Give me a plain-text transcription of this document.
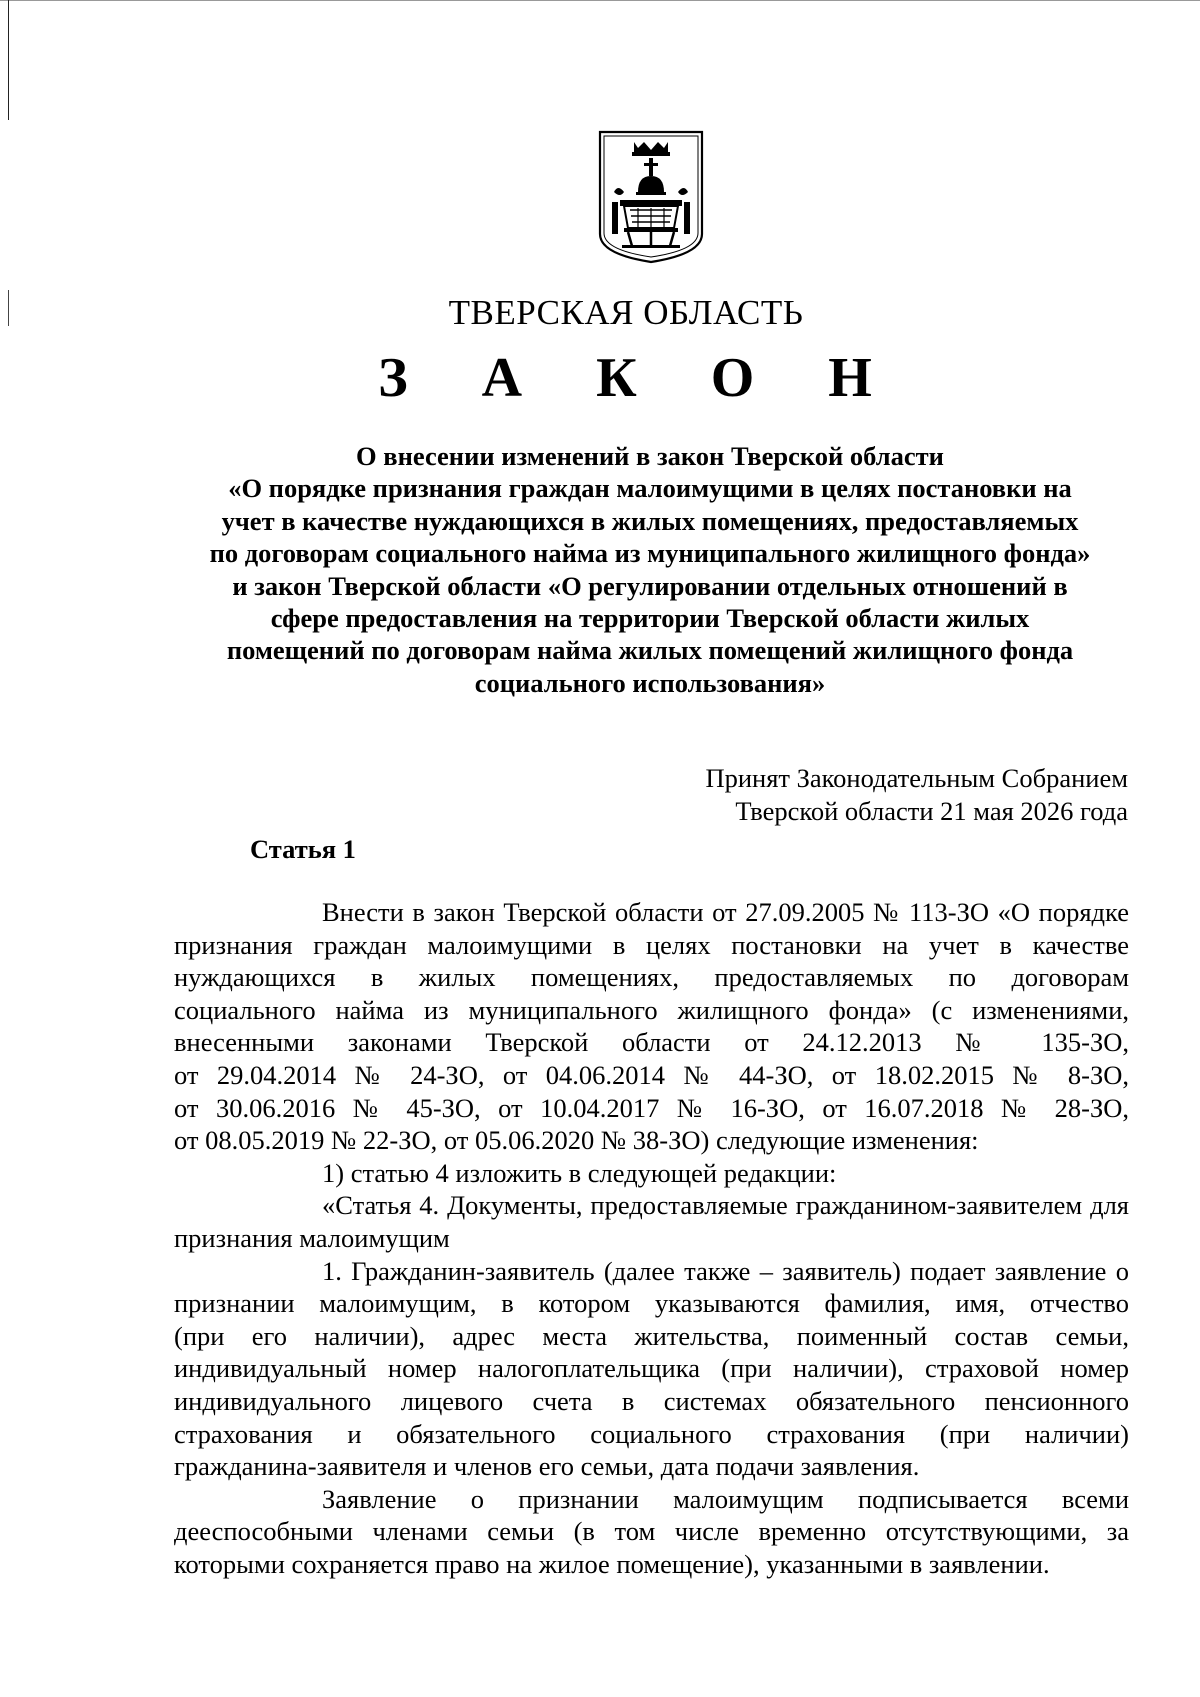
ТВЕРСКАЯ ОБЛАСТЬ
З А К О Н
О внесении изменений в закон Тверской области
«О порядке признания граждан малоимущими в целях постановки на
учет в качестве нуждающихся в жилых помещениях, предоставляемых
по договорам социального найма из муниципального жилищного фонда»
и закон Тверской области «О регулировании отдельных отношений в
сфере предоставления на территории Тверской области жилых
помещений по договорам найма жилых помещений жилищного фонда
социального использования»
Принят Законодательным Собранием
Тверской области 21 мая 2026 года
Статья 1
Внести в закон Тверской области от 27.09.2005 № 113-ЗО «О порядке
признания граждан малоимущими в целях постановки на учет в качестве
нуждающихся в жилых помещениях, предоставляемых по договорам
социального найма из муниципального жилищного фонда» (с изменениями,
внесенными законами Тверской области от 24.12.2013 № 135-ЗО,
от 29.04.2014 № 24-ЗО, от 04.06.2014 № 44-ЗО, от 18.02.2015 № 8-ЗО,
от 30.06.2016 № 45-ЗО, от 10.04.2017 № 16-ЗО, от 16.07.2018 № 28-ЗО,
от 08.05.2019 № 22-ЗО, от 05.06.2020 № 38-ЗО) следующие изменения:
1) статью 4 изложить в следующей редакции:
«Статья 4. Документы, предоставляемые гражданином-заявителем для
признания малоимущим
1. Гражданин-заявитель (далее также – заявитель) подает заявление о
признании малоимущим, в котором указываются фамилия, имя, отчество
(при его наличии), адрес места жительства, поименный состав семьи,
индивидуальный номер налогоплательщика (при наличии), страховой номер
индивидуального лицевого счета в системах обязательного пенсионного
страхования и обязательного социального страхования (при наличии)
гражданина-заявителя и членов его семьи, дата подачи заявления.
Заявление о признании малоимущим подписывается всеми
дееспособными членами семьи (в том числе временно отсутствующими, за
которыми сохраняется право на жилое помещение), указанными в заявлении.
